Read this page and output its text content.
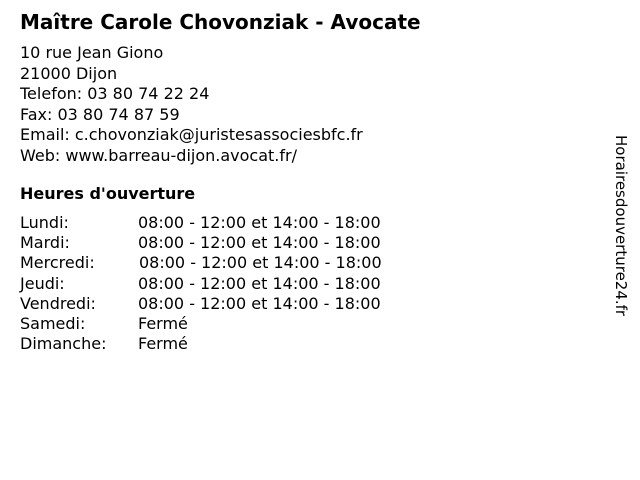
Maître Carole Chovonziak - Avocate
10 rue Jean Giono
21000 Dijon
Telefon: 03 80 74 22 24
Fax: 03 80 74 87 59
Email: c.chovonziak@juristesassociesbfc.fr
Web: www.barreau-dijon.avocat.fr/
Heures d'ouverture
Lundi:	08:00 - 12:00 et 14:00 - 18:00
Mardi:	08:00 - 12:00 et 14:00 - 18:00
Mercredi:	08:00 - 12:00 et 14:00 - 18:00
Jeudi:	08:00 - 12:00 et 14:00 - 18:00
Vendredi:	08:00 - 12:00 et 14:00 - 18:00
Samedi:	Fermé
Dimanche: Fermé
Horairesdouverture24.fr
